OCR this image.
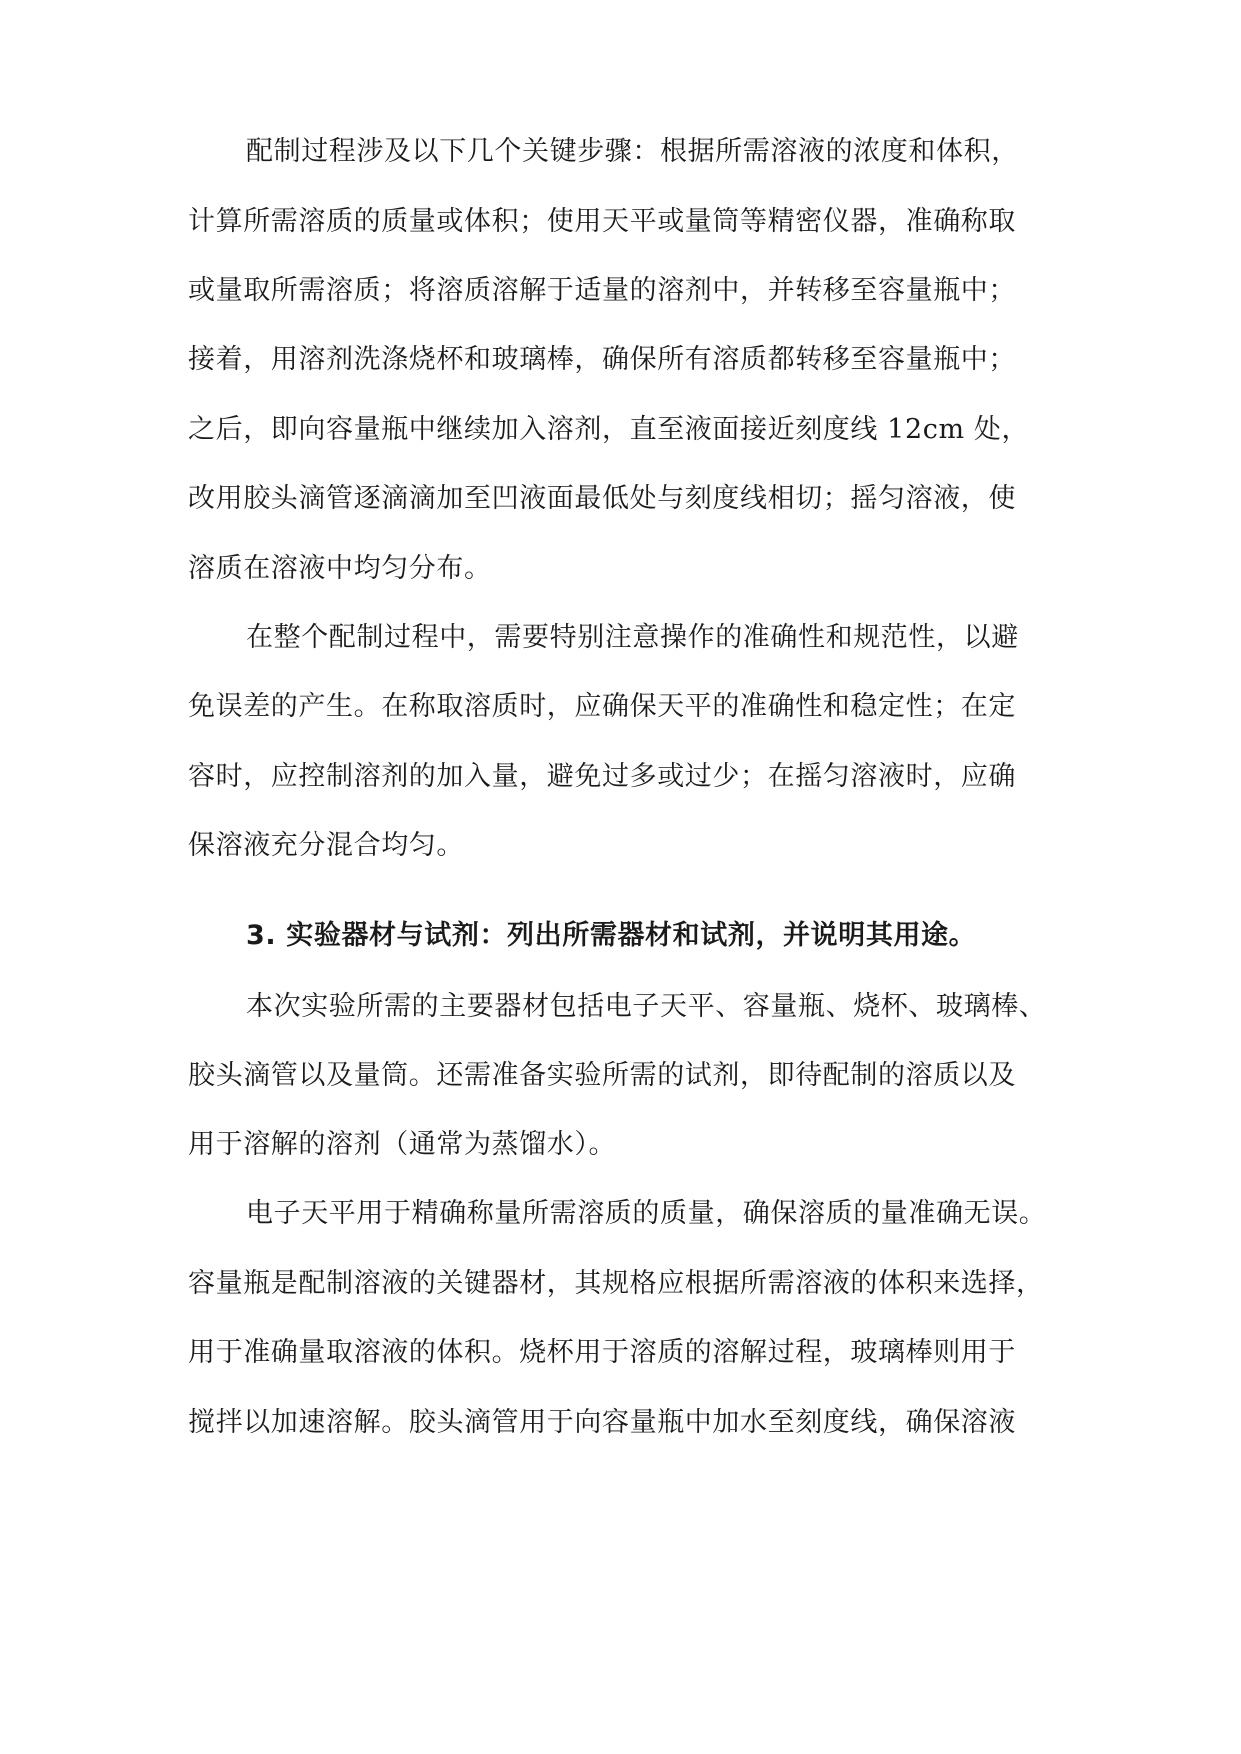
配制过程涉及以下几个关键步骤：根据所需溶液的浓度和体积，
计算所需溶质的质量或体积；使用天平或量筒等精密仪器，准确称取
或量取所需溶质；将溶质溶解于适量的溶剂中，并转移至容量瓶中；
接着，用溶剂洗涤烧杯和玻璃棒，确保所有溶质都转移至容量瓶中；
之后，即向容量瓶中继续加入溶剂，直至液面接近刻度线 12cm 处，
改用胶头滴管逐滴滴加至凹液面最低处与刻度线相切；摇匀溶液，使
溶质在溶液中均匀分布。
在整个配制过程中，需要特别注意操作的准确性和规范性，以避
免误差的产生。在称取溶质时，应确保天平的准确性和稳定性；在定
容时，应控制溶剂的加入量，避免过多或过少；在摇匀溶液时，应确
保溶液充分混合均匀。
3. 实验器材与试剂：列出所需器材和试剂，并说明其用途。
本次实验所需的主要器材包括电子天平、容量瓶、烧杯、玻璃棒、
胶头滴管以及量筒。还需准备实验所需的试剂，即待配制的溶质以及
用于溶解的溶剂（通常为蒸馏水）。
电子天平用于精确称量所需溶质的质量，确保溶质的量准确无误。
容量瓶是配制溶液的关键器材，其规格应根据所需溶液的体积来选择，
用于准确量取溶液的体积。烧杯用于溶质的溶解过程，玻璃棒则用于
搅拌以加速溶解。胶头滴管用于向容量瓶中加水至刻度线，确保溶液
